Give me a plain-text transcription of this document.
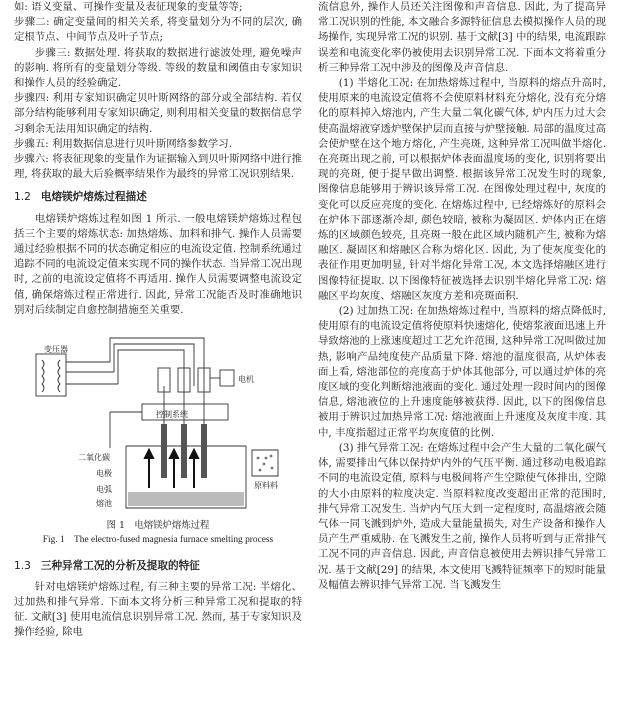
如: 语义变量、可操作变量及表征现象的变量等等;

步骤二: 确定变量间的相关关系, 将变量划分为不同的层次, 确定根节点、中间节点及叶子节点;

步骤三: 数据处理. 将获取的数据进行滤波处理, 避免噪声的影响. 将所有的变量划分等级. 等级的数量和阈值由专家知识和操作人员的经验确定.

步骤四: 利用专家知识确定贝叶斯网络的部分或全部结构. 若仅部分结构能够利用专家知识确定, 则利用相关变量的数据信息学习剩余无法用知识确定的结构.

步骤五: 利用数据信息进行贝叶斯网络参数学习.

步骤六: 将表征现象的变量作为证据输入到贝叶斯网络中进行推理, 将获取的最大后验概率结果作为最终的异常工况识别结果.

1.2 电熔镁炉熔炼过程描述

电熔镁炉熔炼过程如图 1 所示. 一般电熔镁炉熔炼过程包括三个主要的熔炼状态: 加热熔炼、加料和排气. 操作人员需要通过经验根据不同的状态确定相应的电流设定值. 控制系统通过追踪不同的电流设定值来实现不同的操作状态. 当异常工况出现时, 之前的电流设定值将不再适用. 操作人员需要调整电流设定值, 确保熔炼过程正常进行. 因此, 异常工况能否及时准确地识别对后续制定自愈控制措施至关重要.

变压器
电机
控制系统
二氧化碳
电极
电弧
熔池
原料料

图 1　电熔镁炉熔炼过程

Fig. 1　The electro-fused magnesia furnace smelting process

1.3 三种异常工况的分析及提取的特征

针对电熔镁炉熔炼过程, 有三种主要的异常工况: 半熔化、过加热和排气异常. 下面本文将分析三种异常工况和提取的特征. 文献[3] 使用电流信息识别异常工况. 然而, 基于专家知识及操作经验, 除电

流信息外, 操作人员还关注图像和声音信息. 因此, 为了提高异常工况识别的性能, 本文融合多源特征信息去模拟操作人员的现场操作, 实现异常工况的识别. 基于文献[3] 中的结果, 电流跟踪误差和电流变化率仍被使用去识别异常工况. 下面本文将着重分析三种异常工况中涉及的图像及声音信息.

(1) 半熔化工况: 在加热熔炼过程中, 当原料的熔点升高时, 使用原来的电流设定值将不会使原料材料充分熔化, 没有充分熔化的原料掉入熔池内, 产生大量二氧化碳气体, 炉内压力过大会使高温熔液穿透炉壁保护层而直接与炉壁接触. 局部的温度过高会使炉壁在这个地方熔化, 产生亮斑, 这种异常工况叫做半熔化. 在亮斑出现之前, 可以根据炉体表面温度场的变化, 识别将要出现的亮斑, 便于提早做出调整. 根据该异常工况发生时的现象, 图像信息能够用于辨识该异常工况. 在图像处理过程中, 灰度的变化可以反应亮度的变化. 在熔炼过程中, 已经熔炼好的原料会在炉体下部逐渐冷却, 颜色较暗, 被称为凝固区. 炉体内正在熔炼的区域颜色较亮, 且亮斑一般在此区域内随机产生, 被称为熔融区. 凝固区和熔融区合称为熔化区. 因此, 为了使灰度变化的表征作用更加明显, 针对半熔化异常工况, 本文选择熔融区进行图像特征提取. 以下图像特征被选择去识别半熔化异常工况: 熔融区平均灰度、熔融区灰度方差和亮斑面积.

(2) 过加热工况: 在加热熔炼过程中, 当原料的熔点降低时, 使用原有的电流设定值将使原料快速熔化, 使熔浆液面迅速上升导致熔池的上涨速度超过工艺允许范围, 这种异常工况叫做过加热, 影响产品纯度使产品质量下降. 熔池的温度很高, 从炉体表面上看, 熔池部位的亮度高于炉体其他部分, 可以通过炉体的亮度区域的变化判断熔池液面的变化. 通过处理一段时间内的图像信息, 熔池液位的上升速度能够被获得. 因此, 以下的图像信息被用于辨识过加热异常工况: 熔池液面上升速度及灰度丰度. 其中, 丰度指超过正常平均灰度值的比例.

(3) 排气异常工况: 在熔炼过程中会产生大量的二氧化碳气体, 需要排出气体以保持炉内外的气压平衡. 通过移动电极追踪不同的电流设定值, 原料与电极间将产生空隙使气体排出, 空隙的大小由原料的粒度决定. 当原料粒度改变超出正常的范围时, 排气异常工况发生. 当炉内气压大到一定程度时, 高温熔液会随气体一同飞溅到炉外, 造成大量能量损失, 对生产设备和操作人员产生严重威胁. 在飞溅发生之前, 操作人员将听到与正常排气工况不同的声音信息. 因此, 声音信息被使用去辨识排气异常工况. 基于文献[29] 的结果, 本文使用飞溅特征频率下的短时能量及幅值去辨识排气异常工况. 当飞溅发生
